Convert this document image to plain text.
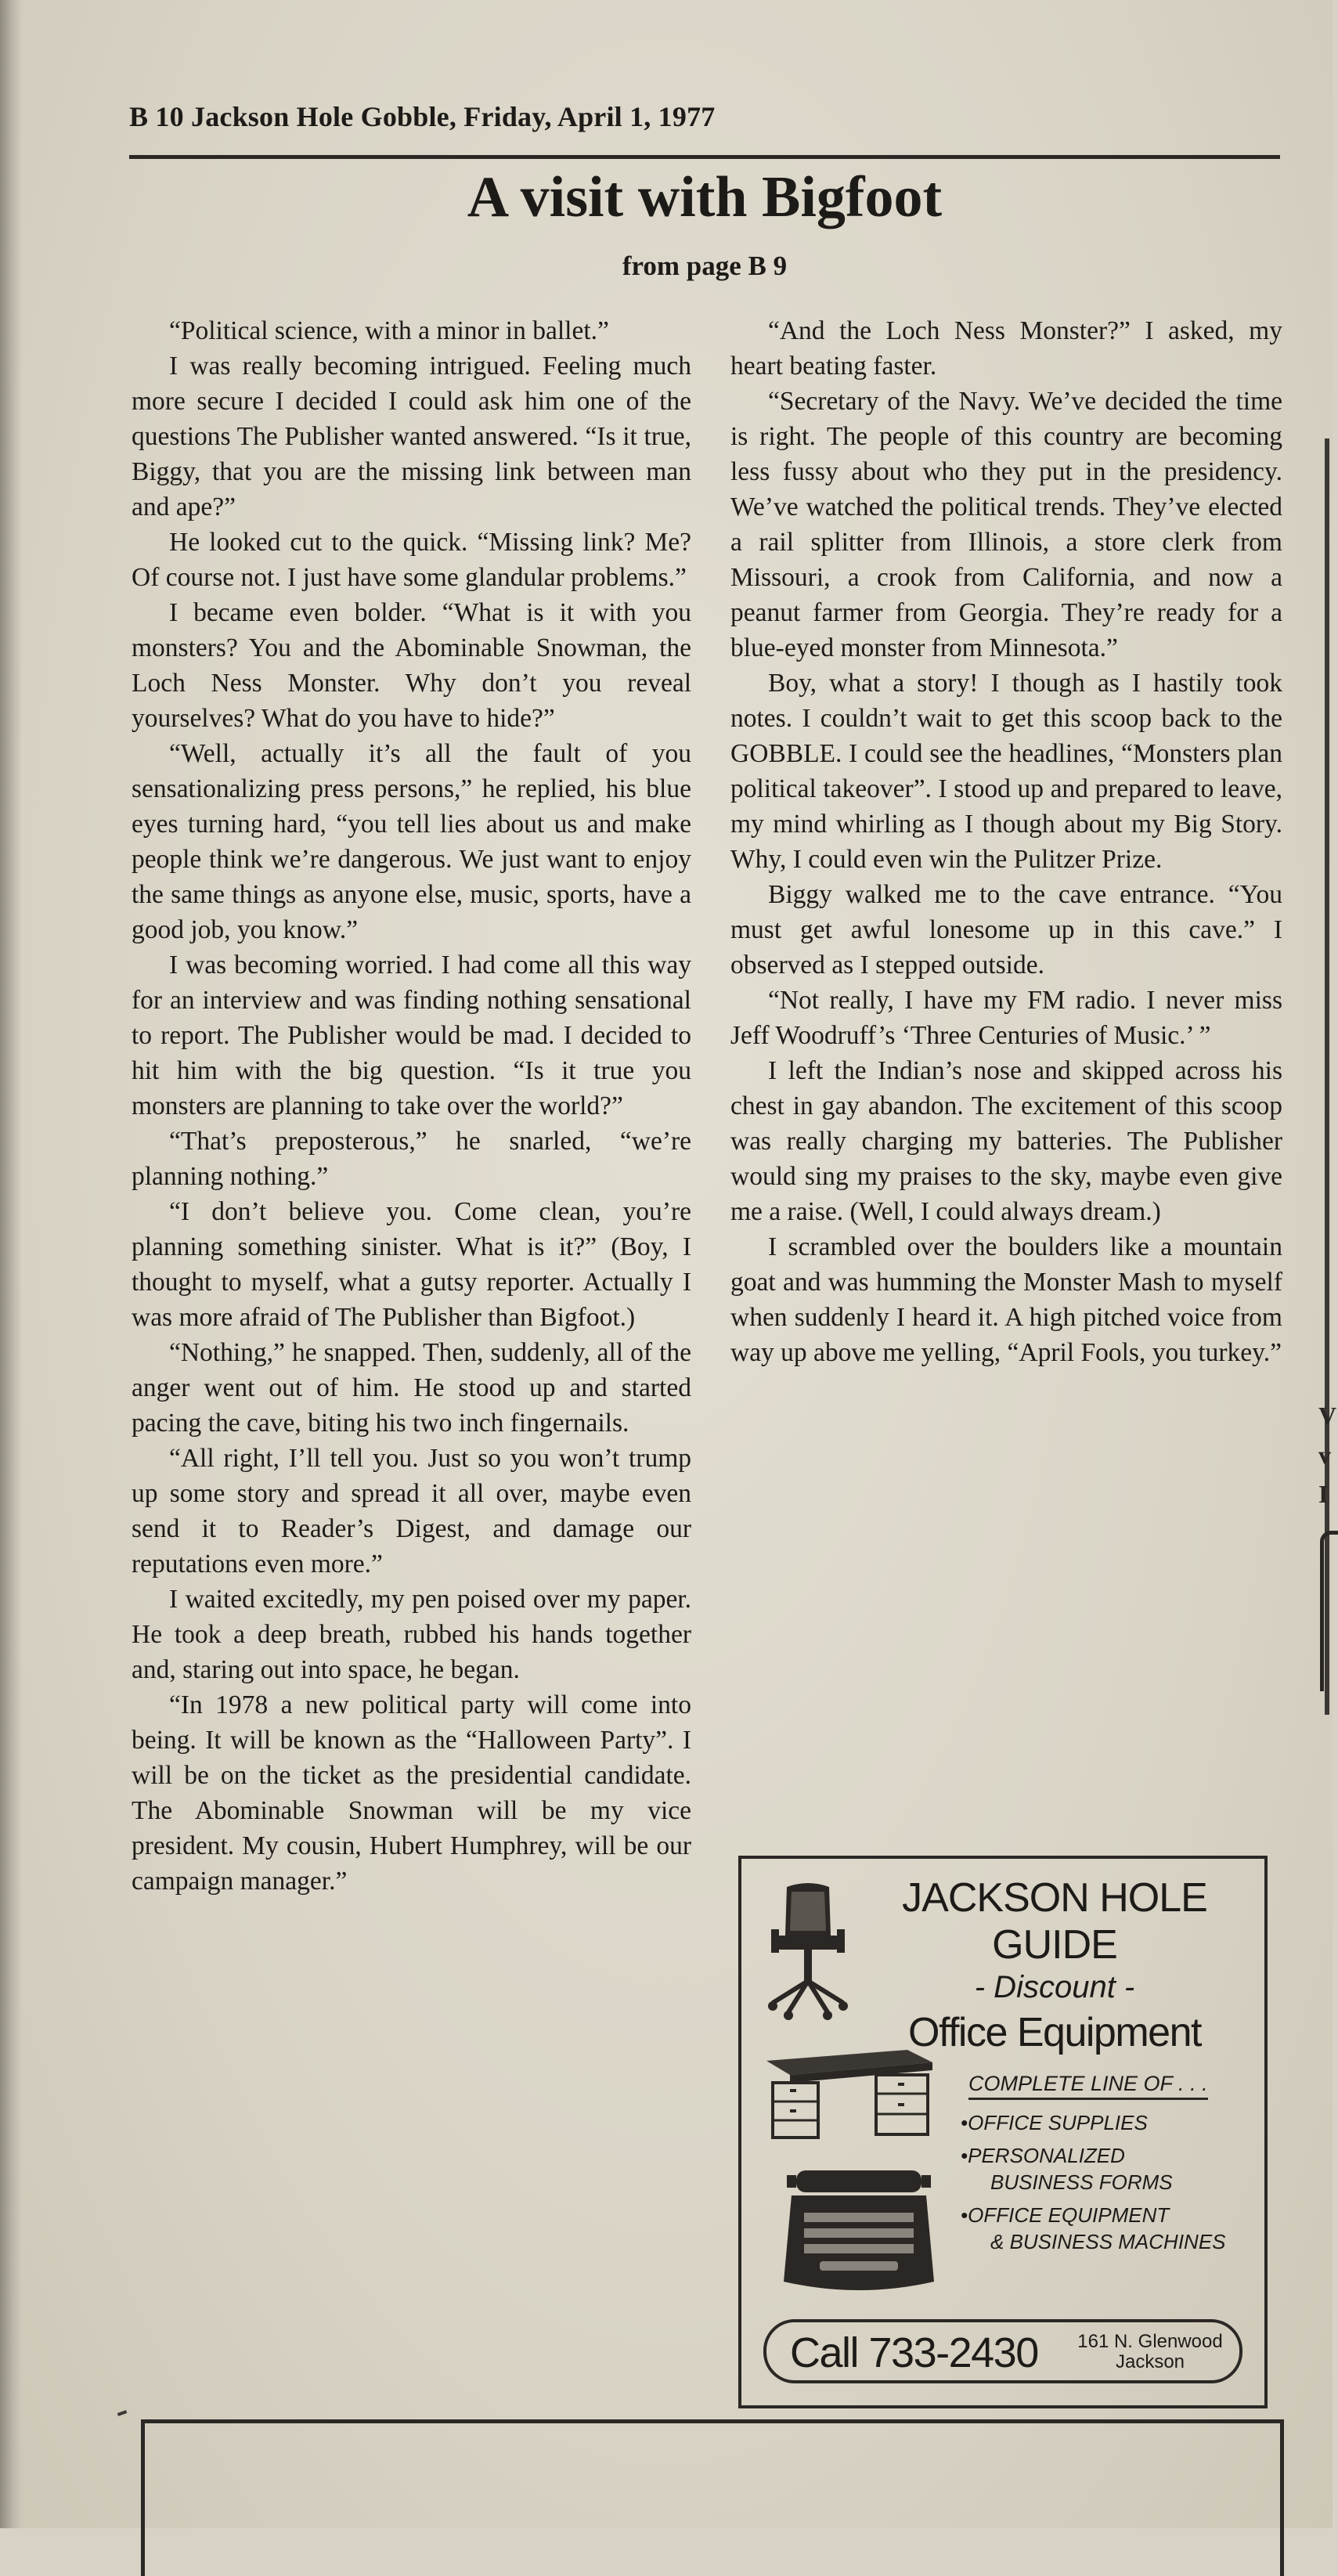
B 10 Jackson Hole Gobble, Friday, April 1, 1977
A visit with Bigfoot
from page B 9

“Political science, with a minor in ballet.”

I was really becoming intrigued. Feeling much more secure I decided I could ask him one of the questions The Publisher wanted answered. “Is it true, Biggy, that you are the missing link between man and ape?”

He looked cut to the quick. “Missing link? Me? Of course not. I just have some glandular problems.”

I became even bolder. “What is it with you monsters? You and the Abominable Snowman, the Loch Ness Monster. Why don’t you reveal yourselves? What do you have to hide?”

“Well, actually it’s all the fault of you sensationalizing press persons,” he replied, his blue eyes turning hard, “you tell lies about us and make people think we’re dangerous. We just want to enjoy the same things as anyone else, music, sports, have a good job, you know.”

I was becoming worried. I had come all this way for an interview and was finding nothing sensational to report. The Publisher would be mad. I decided to hit him with the big question. “Is it true you monsters are planning to take over the world?”

“That’s preposterous,” he snarled, “we’re planning nothing.”

“I don’t believe you. Come clean, you’re planning something sinister. What is it?” (Boy, I thought to myself, what a gutsy reporter. Actually I was more afraid of The Publisher than Bigfoot.)

“Nothing,” he snapped. Then, suddenly, all of the anger went out of him. He stood up and started pacing the cave, biting his two inch fingernails.

“All right, I’ll tell you. Just so you won’t trump up some story and spread it all over, maybe even send it to Reader’s Digest, and damage our reputations even more.”

I waited excitedly, my pen poised over my paper. He took a deep breath, rubbed his hands together and, staring out into space, he began.

“In 1978 a new political party will come into being. It will be known as the “Halloween Party”. I will be on the ticket as the presidential candidate. The Abominable Snowman will be my vice president. My cousin, Hubert Humphrey, will be our campaign manager.”

“And the Loch Ness Monster?” I asked, my heart beating faster.

“Secretary of the Navy. We’ve decided the time is right. The people of this country are becoming less fussy about who they put in the presidency. We’ve watched the political trends. They’ve elected a rail splitter from Illinois, a store clerk from Missouri, a crook from California, and now a peanut farmer from Georgia. They’re ready for a blue-eyed monster from Minnesota.”

Boy, what a story! I though as I hastily took notes. I couldn’t wait to get this scoop back to the GOBBLE. I could see the headlines, “Monsters plan political takeover”. I stood up and prepared to leave, my mind whirling as I though about my Big Story. Why, I could even win the Pulitzer Prize.

Biggy walked me to the cave entrance. “You must get awful lonesome up in this cave.” I observed as I stepped outside.

“Not really, I have my FM radio. I never miss Jeff Woodruff’s ‘Three Centuries of Music.’ ”

I left the Indian’s nose and skipped across his chest in gay abandon. The excitement of this scoop was really charging my batteries. The Publisher would sing my praises to the sky, maybe even give me a raise. (Well, I could always dream.)

I scrambled over the boulders like a mountain goat and was humming the Monster Mash to myself when suddenly I heard it. A high pitched voice from way up above me yelling, “April Fools, you turkey.”

V
v
I
JACKSON HOLE
GUIDE
- Discount -
Office Equipment
COMPLETE LINE OF . . .
•OFFICE SUPPLIES
•PERSONALIZED
BUSINESS FORMS
•OFFICE EQUIPMENT
& BUSINESS MACHINES
Call 733-2430	161 N. Glenwood
Jackson
